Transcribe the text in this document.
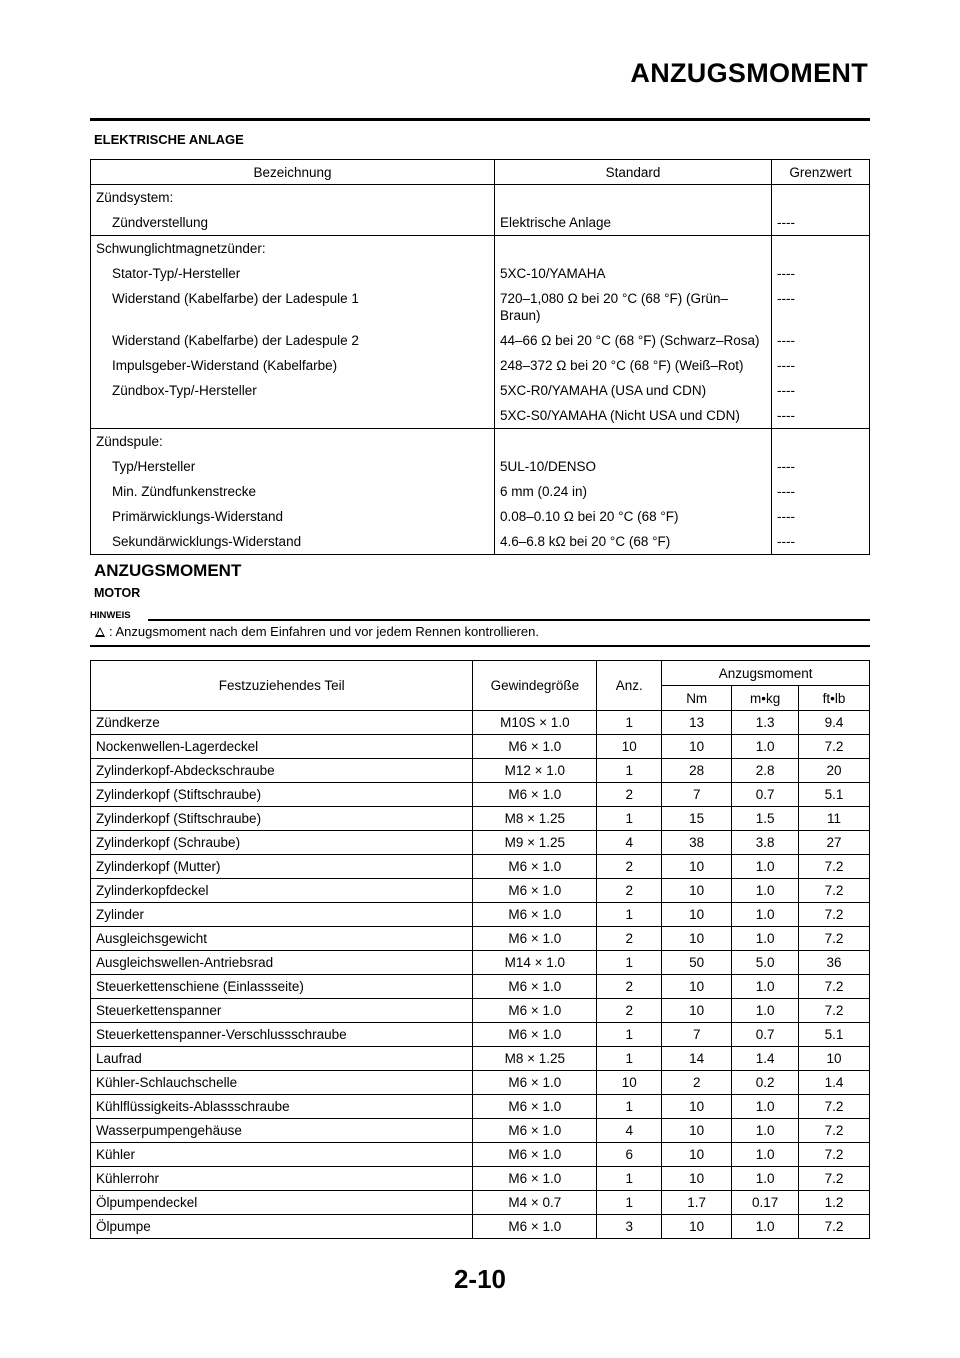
ANZUGSMOMENT
ELEKTRISCHE ANLAGE
Bezeichnung	Standard	Grenzwert
Zündsystem:		
Zündverstellung	Elektrische Anlage	----
Schwunglichtmagnetzünder:		
Stator-Typ/-Hersteller	5XC-10/YAMAHA	----
Widerstand (Kabelfarbe) der Ladespule 1	720–1,080 Ω bei 20 °C (68 °F) (Grün–Braun)	----
Widerstand (Kabelfarbe) der Ladespule 2	44–66 Ω bei 20 °C (68 °F) (Schwarz–Rosa)	----
Impulsgeber-Widerstand (Kabelfarbe)	248–372 Ω bei 20 °C (68 °F) (Weiß–Rot)	----
Zündbox-Typ/-Hersteller	5XC-R0/YAMAHA (USA und CDN)	----
	5XC-S0/YAMAHA (Nicht USA und CDN)	----
Zündspule:		
Typ/Hersteller	5UL-10/DENSO	----
Min. Zündfunkenstrecke	6 mm (0.24 in)	----
Primärwicklungs-Widerstand	0.08–0.10 Ω bei 20 °C (68 °F)	----
Sekundärwicklungs-Widerstand	4.6–6.8 kΩ bei 20 °C (68 °F)	----
ANZUGSMOMENT
MOTOR
HINWEIS
: Anzugsmoment nach dem Einfahren und vor jedem Rennen kontrollieren.
Festzuziehendes Teil	Gewindegröße	Anz.	Anzugsmoment		
			Nm	m•kg	ft•lb
Zündkerze	M10S × 1.0	1	13	1.3	9.4
Nockenwellen-Lagerdeckel	M6 × 1.0	10	10	1.0	7.2
Zylinderkopf-Abdeckschraube	M12 × 1.0	1	28	2.8	20
Zylinderkopf (Stiftschraube)	M6 × 1.0	2	7	0.7	5.1
Zylinderkopf (Stiftschraube)	M8 × 1.25	1	15	1.5	11
Zylinderkopf (Schraube)	M9 × 1.25	4	38	3.8	27
Zylinderkopf (Mutter)	M6 × 1.0	2	10	1.0	7.2
Zylinderkopfdeckel	M6 × 1.0	2	10	1.0	7.2
Zylinder	M6 × 1.0	1	10	1.0	7.2
Ausgleichsgewicht	M6 × 1.0	2	10	1.0	7.2
Ausgleichswellen-Antriebsrad	M14 × 1.0	1	50	5.0	36
Steuerkettenschiene (Einlassseite)	M6 × 1.0	2	10	1.0	7.2
Steuerkettenspanner	M6 × 1.0	2	10	1.0	7.2
Steuerkettenspanner-Verschlussschraube	M6 × 1.0	1	7	0.7	5.1
Laufrad	M8 × 1.25	1	14	1.4	10
Kühler-Schlauchschelle	M6 × 1.0	10	2	0.2	1.4
Kühlflüssigkeits-Ablassschraube	M6 × 1.0	1	10	1.0	7.2
Wasserpumpengehäuse	M6 × 1.0	4	10	1.0	7.2
Kühler	M6 × 1.0	6	10	1.0	7.2
Kühlerrohr	M6 × 1.0	1	10	1.0	7.2
Ölpumpendeckel	M4 × 0.7	1	1.7	0.17	1.2
Ölpumpe	M6 × 1.0	3	10	1.0	7.2
2-10
